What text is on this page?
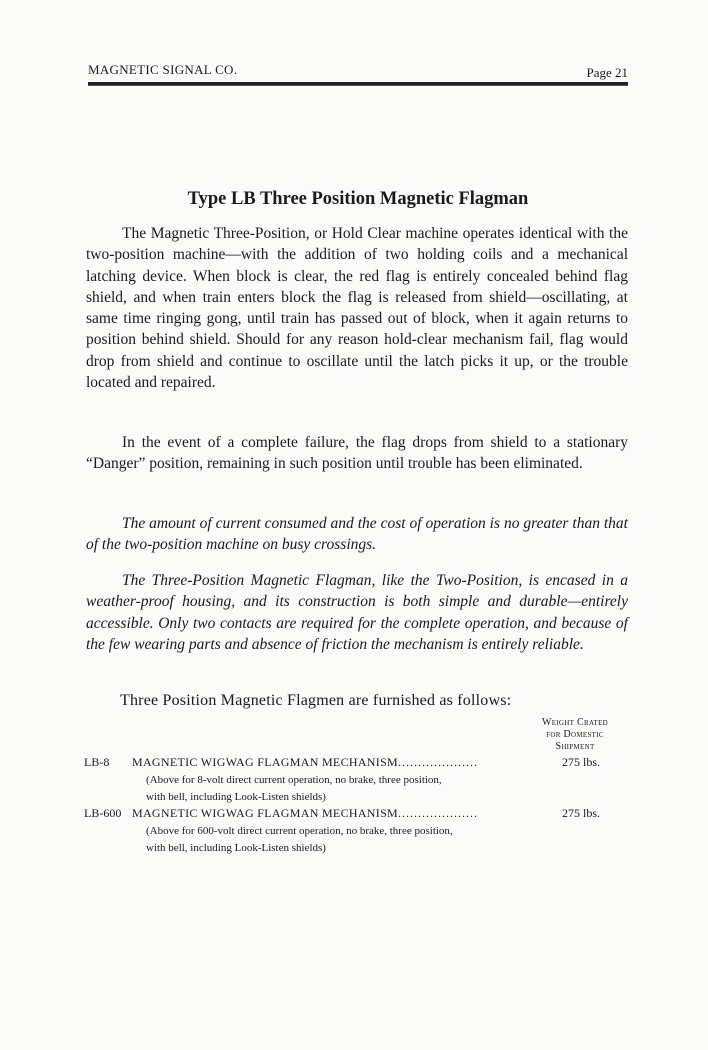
MAGNETIC SIGNAL CO.	Page 21
Type LB Three Position Magnetic Flagman

The Magnetic Three-Position, or Hold Clear machine operates identical with the two-position machine—with the addition of two holding coils and a mechanical latching device. When block is clear, the red flag is entirely concealed behind flag shield, and when train enters block the flag is released from shield—oscillating, at same time ringing gong, until train has passed out of block, when it again returns to position behind shield. Should for any reason hold-clear mechanism fail, flag would drop from shield and continue to oscillate until the latch picks it up, or the trouble located and repaired.

In the event of a complete failure, the flag drops from shield to a stationary “Danger” position, remaining in such position until trouble has been eliminated.

The amount of current consumed and the cost of operation is no greater than that of the two-position machine on busy crossings.

The Three-Position Magnetic Flagman, like the Two-Position, is encased in a weather-proof housing, and its construction is both simple and durable—entirely accessible. Only two contacts are required for the complete operation, and because of the few wearing parts and absence of friction the mechanism is entirely reliable.

Three Position Magnetic Flagmen are furnished as follows:
Weight Crated
for Domestic
Shipment
LB-8 MAGNETIC WIGWAG FLAGMAN MECHANISM....................	275 lbs.
(Above for 8-volt direct current operation, no brake, three position,
with bell, including Look-Listen shields)
LB-600 MAGNETIC WIGWAG FLAGMAN MECHANISM....................	275 lbs.
(Above for 600-volt direct current operation, no brake, three position,
with bell, including Look-Listen shields)
